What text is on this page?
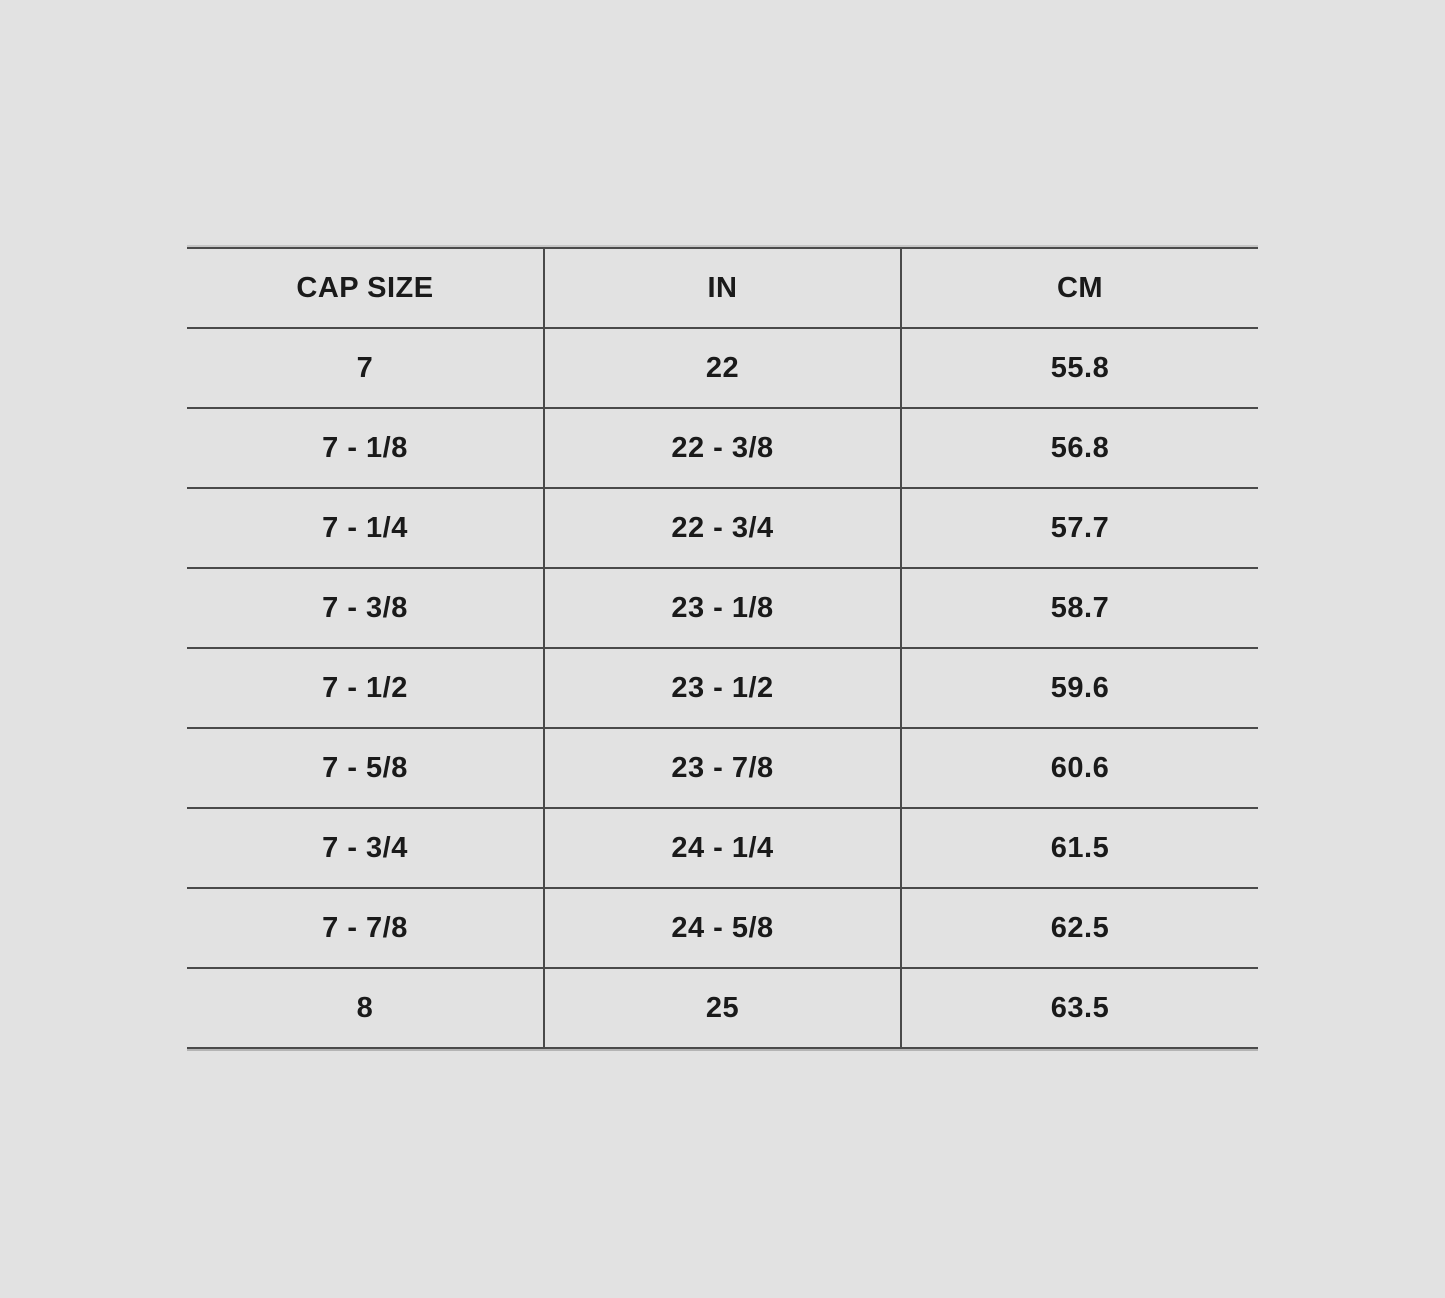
CAP SIZE	IN	CM
7	22	55.8
7 - 1/8	22 - 3/8	56.8
7 - 1/4	22 - 3/4	57.7
7 - 3/8	23 - 1/8	58.7
7 - 1/2	23 - 1/2	59.6
7 - 5/8	23 - 7/8	60.6
7 - 3/4	24 - 1/4	61.5
7 - 7/8	24 - 5/8	62.5
8	25	63.5
